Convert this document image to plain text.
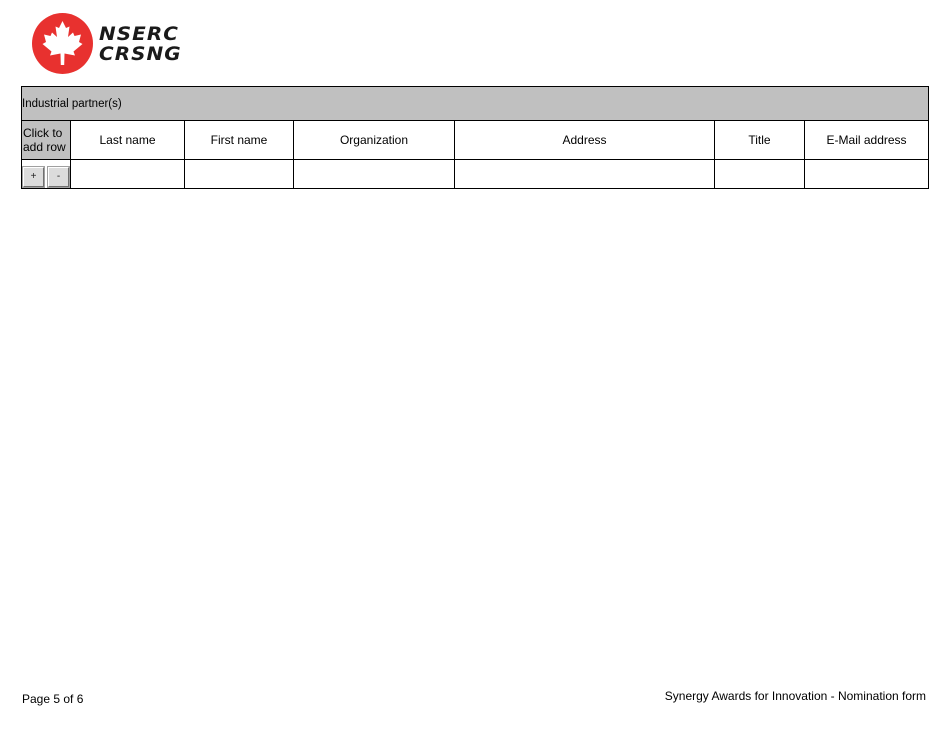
NSERC
CRSNG
Industrial partner(s)						
Click to
add row	Last name	First name	Organization	Address	Title	E-Mail address
+ -						
Page 5 of 6	Synergy Awards for Innovation - Nomination form
